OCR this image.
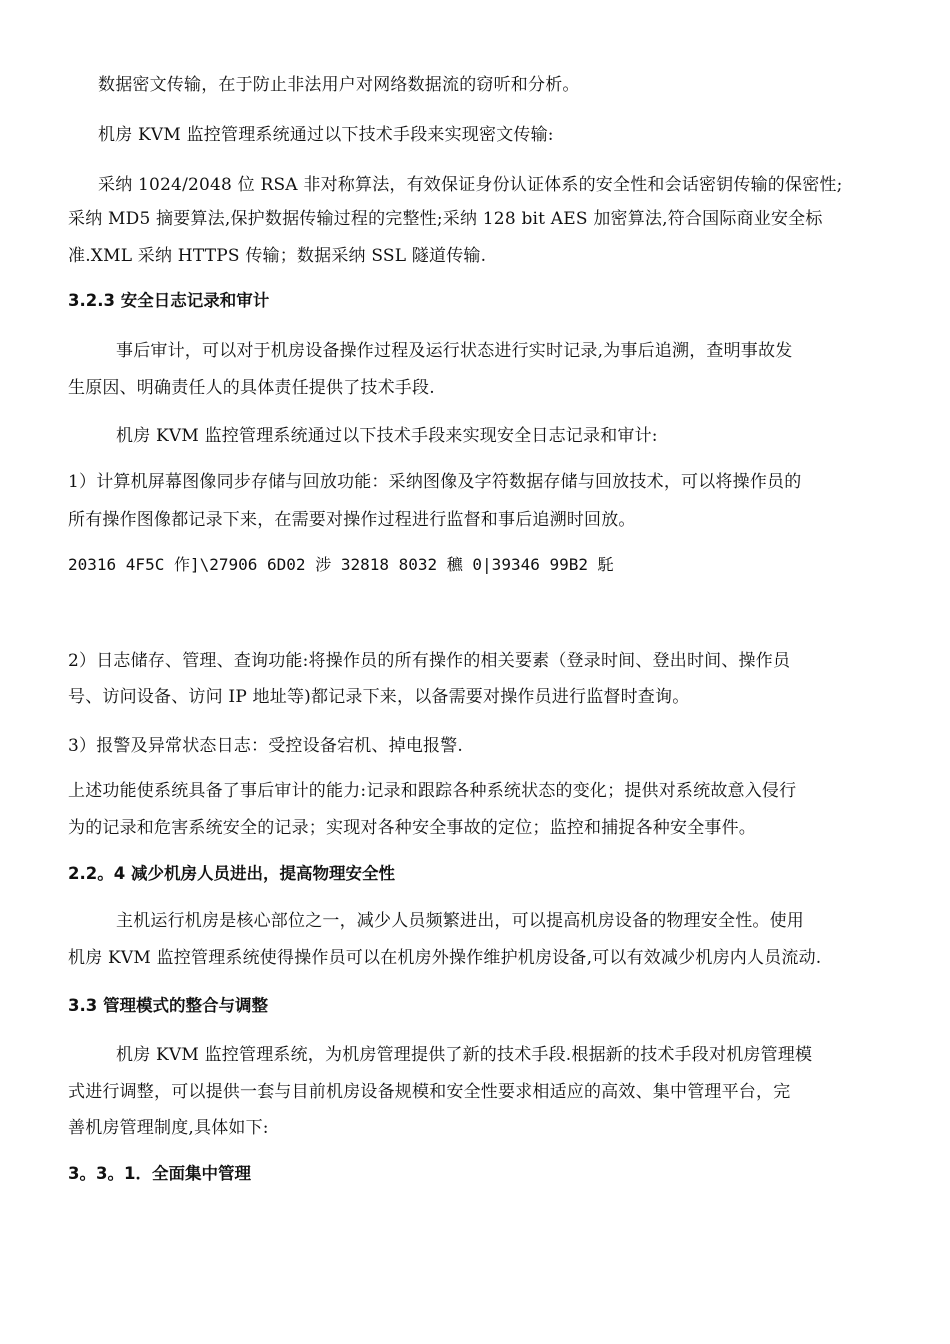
数据密文传输，在于防止非法用户对网络数据流的窃听和分析。
机房 KVM 监控管理系统通过以下技术手段来实现密文传输:
采纳 1024/2048 位 RSA 非对称算法，有效保证身份认证体系的安全性和会话密钥传输的保密性;
采纳 MD5 摘要算法,保护数据传输过程的完整性;采纳 128 bit AES 加密算法,符合国际商业安全标
准.XML 采纳 HTTPS 传输；数据采纳 SSL 隧道传输.
3.2.3 安全日志记录和审计
事后审计，可以对于机房设备操作过程及运行状态进行实时记录,为事后追溯，查明事故发
生原因、明确责任人的具体责任提供了技术手段.
机房 KVM 监控管理系统通过以下技术手段来实现安全日志记录和审计:
1）计算机屏幕图像同步存储与回放功能：采纳图像及字符数据存储与回放技术，可以将操作员的
所有操作图像都记录下来，在需要对操作过程进行监督和事后追溯时回放。
20316 4F5C 作]\27906 6D02 涉 32818 8032 穮 0|39346 99B2 馲
2）日志储存、管理、查询功能:将操作员的所有操作的相关要素（登录时间、登出时间、操作员
号、访问设备、访问 IP 地址等)都记录下来，以备需要对操作员进行监督时查询。
3）报警及异常状态日志：受控设备宕机、掉电报警.
上述功能使系统具备了事后审计的能力:记录和跟踪各种系统状态的变化；提供对系统故意入侵行
为的记录和危害系统安全的记录；实现对各种安全事故的定位；监控和捕捉各种安全事件。
2.2。4 减少机房人员进出，提高物理安全性
主机运行机房是核心部位之一，减少人员频繁进出，可以提高机房设备的物理安全性。使用
机房 KVM 监控管理系统使得操作员可以在机房外操作维护机房设备,可以有效减少机房内人员流动.
3.3 管理模式的整合与调整
机房 KVM 监控管理系统，为机房管理提供了新的技术手段.根据新的技术手段对机房管理模
式进行调整，可以提供一套与目前机房设备规模和安全性要求相适应的高效、集中管理平台，完
善机房管理制度,具体如下:
3。3。1．全面集中管理
